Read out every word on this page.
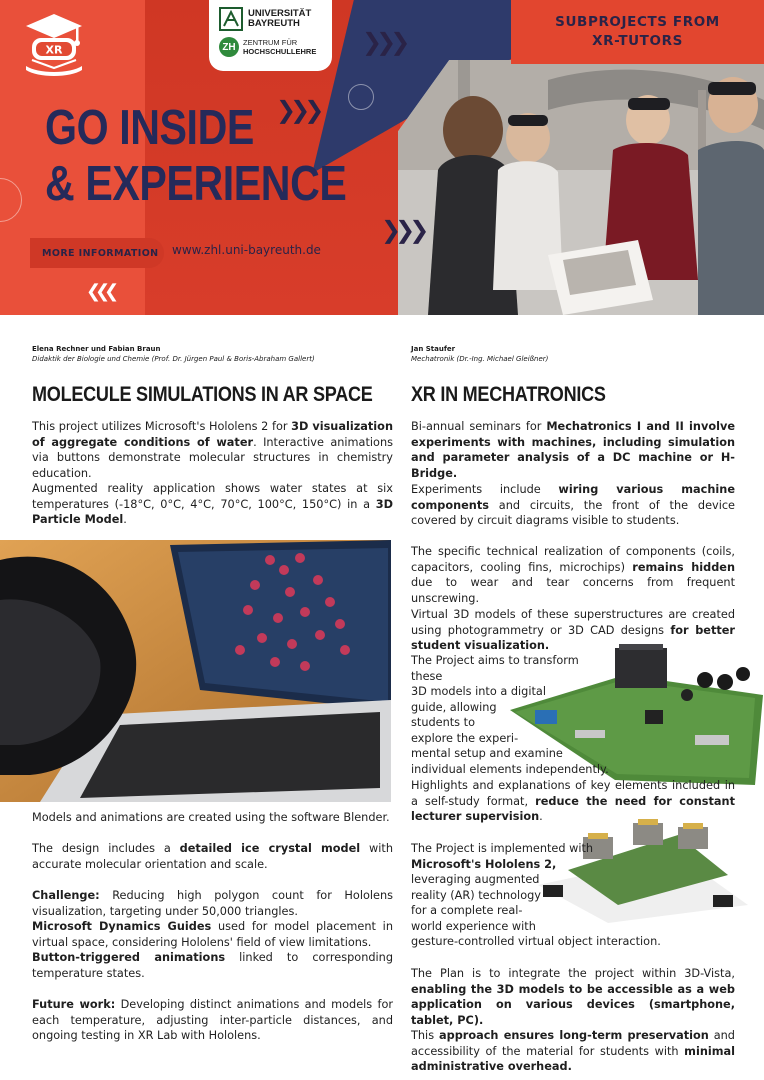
SUBPROJECTS FROM
XR-TUTORS
XR
UNIVERSITÄT
BAYREUTH
ZH ZENTRUM FÜR
HOCHSCHULLEHRE
GO INSIDE
& EXPERIENCE
❯❯❯
❯❯❯
❯❯❯
❮❮❮
MORE INFORMATION www.zhl.uni-bayreuth.de
Elena Rechner und Fabian Braun
Didaktik der Biologie und Chemie (Prof. Dr. Jürgen Paul & Boris-Abraham Gallert)
MOLECULE SIMULATIONS IN AR SPACE
This project utilizes Microsoft's Hololens 2 for 3D visualization of aggregate conditions of water. Interactive animations via buttons demonstrate molecular structures in chemistry education.
Augmented reality application shows water states at six temperatures (-18°C, 0°C, 4°C, 70°C, 100°C, 150°C) in a 3D Particle Model.
Models and animations are created using the software Blender.
The design includes a detailed ice crystal model with accurate molecular orientation and scale.
Challenge: Reducing high polygon count for Hololens visualization, targeting under 50,000 triangles.
Microsoft Dynamics Guides used for model placement in virtual space, considering Hololens' field of view limitations.
Button-triggered animations linked to corresponding temperature states.
Future work: Developing distinct animations and models for each temperature, adjusting inter-particle distances, and ongoing testing in XR Lab with Hololens.
Jan Staufer
Mechatronik (Dr.-Ing. Michael Gleißner)
XR IN MECHATRONICS
Bi-annual seminars for Mechatronics I and II involve experiments with machines, including simulation and parameter analysis of a DC machine or H-Bridge.
Experiments include wiring various machine components and circuits, the front of the device covered by circuit diagrams visible to students.
The specific technical realization of components (coils, capacitors, cooling fins, microchips) remains hidden due to wear and tear concerns from frequent unscrewing.
Virtual 3D models of these superstructures are created using photogrammetry or 3D CAD designs for better student visualization.
The Project aims to transform these
3D models into a digital
guide, allowing
students to
explore the experi-
mental setup and examine
individual elements independently.
Highlights and explanations of key elements included in a self-study format, reduce the need for constant lecturer supervision.
The Project is implemented with
Microsoft's Hololens 2,
leveraging augmented
reality (AR) technology
for a complete real-
world experience with
gesture-controlled virtual object interaction.
The Plan is to integrate the project within 3D-Vista, enabling the 3D models to be accessible as a web application on various devices (smartphone, tablet, PC).
This approach ensures long-term preservation and accessibility of the material for students with minimal administrative overhead.
